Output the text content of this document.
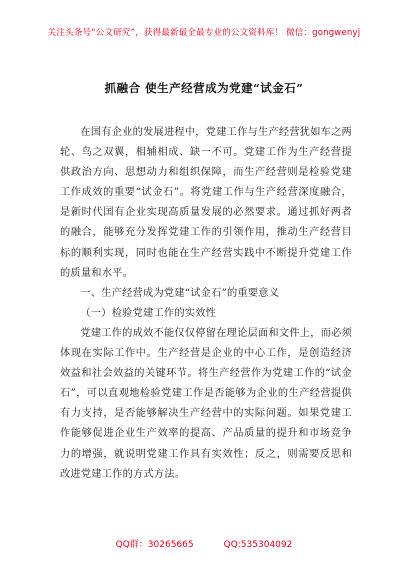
关注头条号“公文研究”，获得最新最全最专业的公文资料库！ 微信：gongwenyj
抓融合 使生产经营成为党建“试金石”

在国有企业的发展进程中，党建工作与生产经营犹如车之两轮、鸟之双翼，相辅相成、缺一不可。党建工作为生产经营提供政治方向、思想动力和组织保障，而生产经营则是检验党建工作成效的重要“试金石”。将党建工作与生产经营深度融合，是新时代国有企业实现高质量发展的必然要求。通过抓好两者的融合，能够充分发挥党建工作的引领作用，推动生产经营目标的顺利实现，同时也能在生产经营实践中不断提升党建工作的质量和水平。

一、生产经营成为党建“试金石”的重要意义

（一）检验党建工作的实效性

党建工作的成效不能仅仅停留在理论层面和文件上，而必须体现在实际工作中。生产经营是企业的中心工作，是创造经济效益和社会效益的关键环节。将生产经营作为党建工作的“试金石”，可以直观地检验党建工作是否能够为企业的生产经营提供有力支持，是否能够解决生产经营中的实际问题。如果党建工作能够促进企业生产效率的提高、产品质量的提升和市场竞争力的增强，就说明党建工作具有实效性；反之，则需要反思和改进党建工作的方式方法。

QQ群：30265665	QQ:535304092
